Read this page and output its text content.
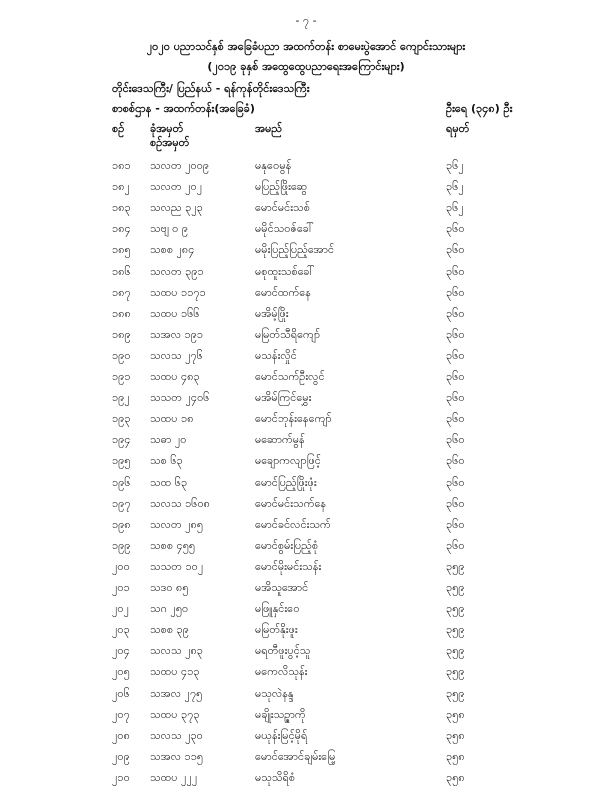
- ၇ -
၂၀၂၀ ပညာသင်နှစ် အခြေခံပညာ အထက်တန်း စာမေးပွဲအောင် ကျောင်းသားများ
(၂၀၁၉ ခုနှစ် အထွေထွေပညာရေးအကြောင်းများ)
တိုင်းဒေသကြီး/ ပြည်နယ် - ရန်ကုန်တိုင်းဒေသကြီး
စာစစ်ဌာန - အထက်တန်း(အခြေခံ)	ဦးရေ (၃၄၈) ဦး
စဉ် ခုံအမှတ်
စဉ်အမှတ်
အမည်	ရမှတ်
၁၈၁ သလတ ၂၀၀၉	မနု၀ေမွန်	၃၆၂
၁၈၂ သလတ ၂၀၂	မပြည့်ဖြိုးဆွေ	၃၆၂
၁၈၃ သလည ၃၂၃	မောင်မင်းသစ်	၃၆၂
၁၈၄ သဗျ ၀ ၉	မမိုင်သ၀ဇ်ခေါ်	၃၆၀
၁၈၅ သစစ ၂၈၄	မမိုးပြည့်ပြည့်အောင်	၃၆၀
၁၈၆ သလတ ၃၉၁	မစုထူးသစ်ခေါ်	၃၆၀
၁၈၇ သထပ ၁၁၇၁	မောင်ထက်နေ	၃၆၀
၁၈၈ သထပ ၁၆၆	မအိမ့်ဖြိုး	၃၆၀
၁၈၉ သအလ ၁၉၁	မမြတ်သီရိကျော်	၃၆၀
၁၉၀ သလသ ၂၇၆	မသန်းလှိုင်	၃၆၀
၁၉၁ သထပ ၄၈၃	မောင်သက်ဦးလွင်	၃၆၀
၁၉၂ သသတ ၂၄၀၆	မအိမ်ကြင်မွှေး	၃၆၀
၁၉၃ သထပ ၁၈	မောင်ဘုန်းနေကျော်	၃၆၀
၁၉၄ သဓာ ၂၀	မဆောက်မွန်	၃၆၀
၁၉၅ သစ ၆၃	မချောကလျာဖြင့်	၃၆၀
၁၉၆ သထ ၆၃	မောင်ပြည့်ဖြိုးဖုံး	၃၆၀
၁၉၇ သလသ ၁၆၀၈	မောင်မင်းသက်နေ	၃၆၀
၁၉၈ သလတ ၂၈၅	မောင်ခင်လင်းသက်	၃၆၀
၁၉၉ သစစ ၄၅၅	မောင်စွမ်းပြည့်စုံ	၃၆၀
၂၀၀ သသတ ၁၀၂	မောင်မိုးမင်းသန်း	၃၅၉
၂၀၁ သဒဝ ၈၅	မအိသူအောင်	၃၅၉
၂၀၂ သဂ ၂၅၀	မဖြူနှင်း၀ေ	၃၅၉
၂၀၃ သစစ ၃၉	မမြတ်နိုးဖူး	၃၅၉
၂၀၄ သလသ ၂၈၃	မရတီဖူးပွင့်သူ	၃၅၉
၂၀၅ သထပ ၄၁၃	မကေလိသုန်း	၃၅၉
၂၀၆ သအလ ၂၇၅	မသုလဲနန္ဒ	၃၅၉
၂၀၇ သထပ ၃၇၃	မချိုးသဉ္ဇာကို	၃၅၈
၂၀၈ သလသ ၂၃၀	မယုန်းမြင့်မိုရ်	၃၅၈
၂၀၉ သအလ ၁၁၅	မောင်အောင်ချမ်းမြေ့	၃၅၈
၂၁၀ သထပ ၂၂၂	မသုသိရိစံ	၃၅၈
